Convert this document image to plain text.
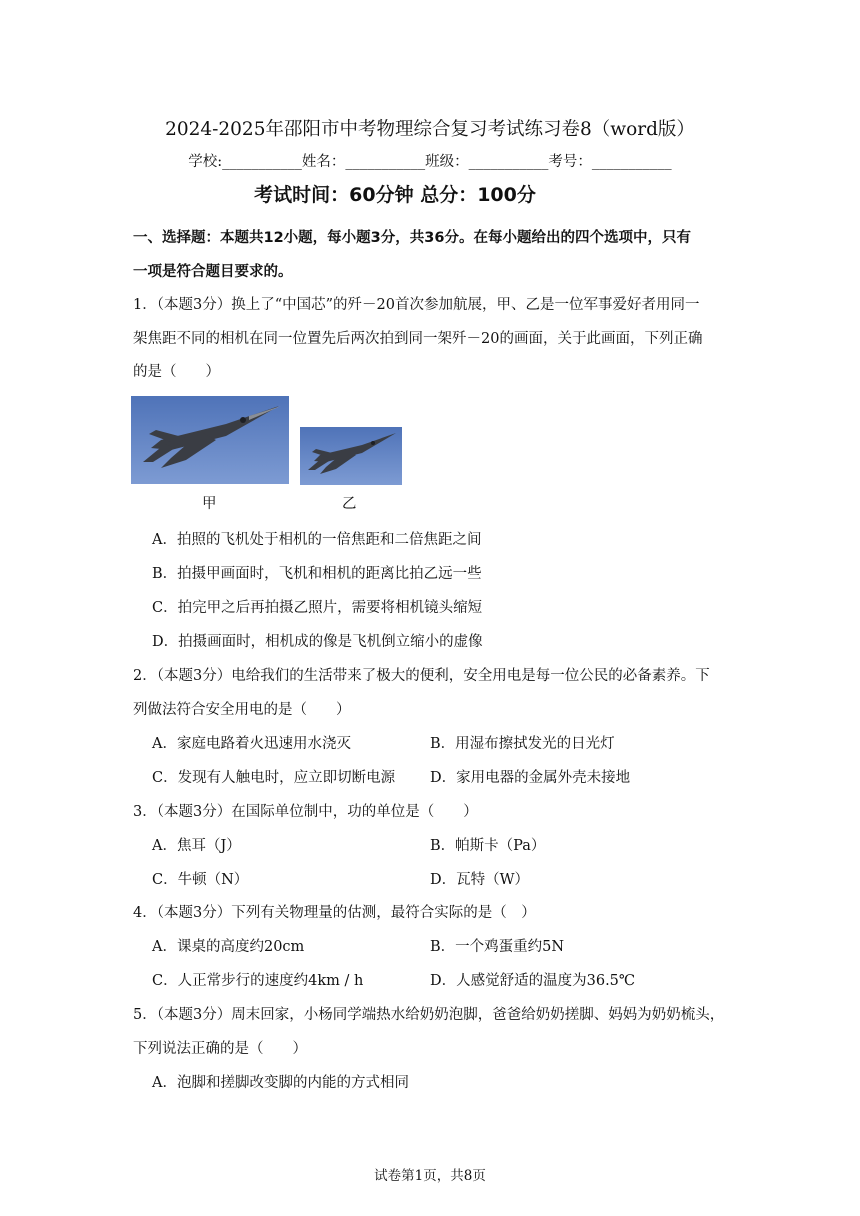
2024-2025年邵阳市中考物理综合复习考试练习卷8（word版）
学校:___________姓名：___________班级：___________考号：___________
考试时间：60分钟 总分：100分
一、选择题：本题共12小题，每小题3分，共36分。在每小题给出的四个选项中，只有
一项是符合题目要求的。
1．（本题3分）换上了“中国芯”的歼－20首次参加航展，甲、乙是一位军事爱好者用同一
架焦距不同的相机在同一位置先后两次拍到同一架歼－20的画面，关于此画面，下列正确
的是（　　）
甲	乙
A．拍照的飞机处于相机的一倍焦距和二倍焦距之间
B．拍摄甲画面时，飞机和相机的距离比拍乙远一些
C．拍完甲之后再拍摄乙照片，需要将相机镜头缩短
D．拍摄画面时，相机成的像是飞机倒立缩小的虚像
2．（本题3分）电给我们的生活带来了极大的便利，安全用电是每一位公民的必备素养。下
列做法符合安全用电的是（　　）
A．家庭电路着火迅速用水浇灭	B．用湿布擦拭发光的日光灯
C．发现有人触电时，应立即切断电源 D．家用电器的金属外壳未接地
3．（本题3分）在国际单位制中，功的单位是（　　）
A．焦耳（J）	B．帕斯卡（Pa）
C．牛顿（N）	D．瓦特（W）
4．（本题3分）下列有关物理量的估测，最符合实际的是（　）
A．课桌的高度约20cm	B．一个鸡蛋重约5N
C．人正常步行的速度约4km / h	D．人感觉舒适的温度为36.5℃
5．（本题3分）周末回家，小杨同学端热水给奶奶泡脚，爸爸给奶奶搓脚、妈妈为奶奶梳头，
下列说法正确的是（　　）
A．泡脚和搓脚改变脚的内能的方式相同
试卷第1页，共8页
